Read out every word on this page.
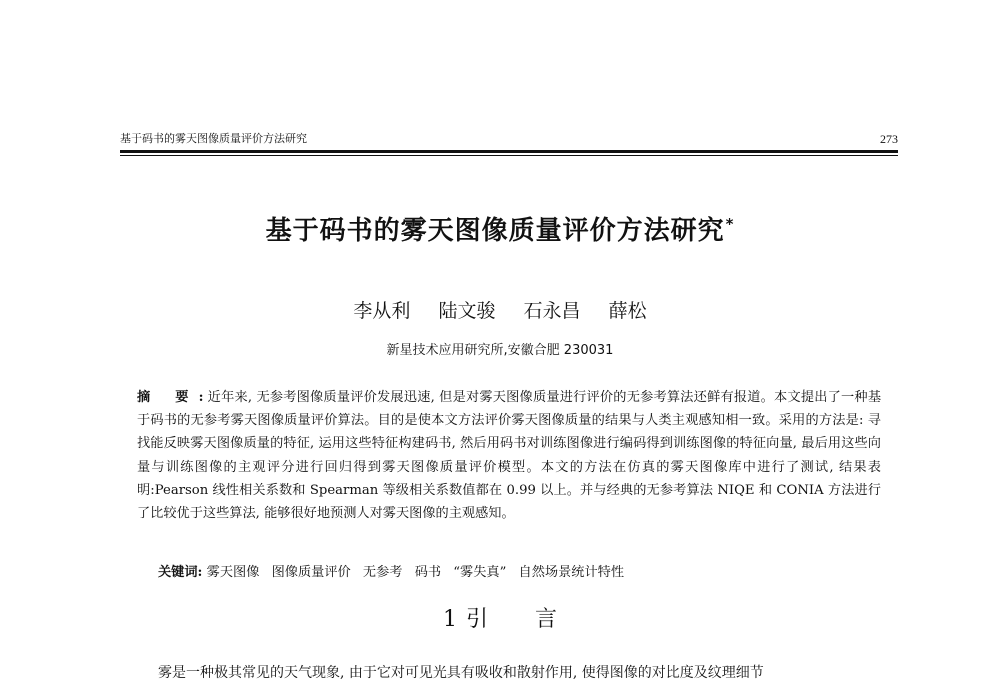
基于码书的雾天图像质量评价方法研究	273
基于码书的雾天图像质量评价方法研究*
李从利 陆文骏 石永昌 薛松
新星技术应用研究所,安徽合肥 230031
摘 要: 近年来, 无参考图像质量评价发展迅速, 但是对雾天图像质量进行评价的无参考算法还鲜有报道。本文提出了一种基于码书的无参考雾天图像质量评价算法。目的是使本文方法评价雾天图像质量的结果与人类主观感知相一致。采用的方法是: 寻找能反映雾天图像质量的特征, 运用这些特征构建码书, 然后用码书对训练图像进行编码得到训练图像的特征向量, 最后用这些向量与训练图像的主观评分进行回归得到雾天图像质量评价模型。本文的方法在仿真的雾天图像库中进行了测试, 结果表明:Pearson 线性相关系数和 Spearman 等级相关系数值都在 0.99 以上。并与经典的无参考算法 NIQE 和 CONIA 方法进行了比较优于这些算法, 能够很好地预测人对雾天图像的主观感知。
关键词: 雾天图像 图像质量评价 无参考 码书 “雾失真” 自然场景统计特性
1 引 言
雾是一种极其常见的天气现象, 由于它对可见光具有吸收和散射作用, 使得图像的对比度及纹理细节
